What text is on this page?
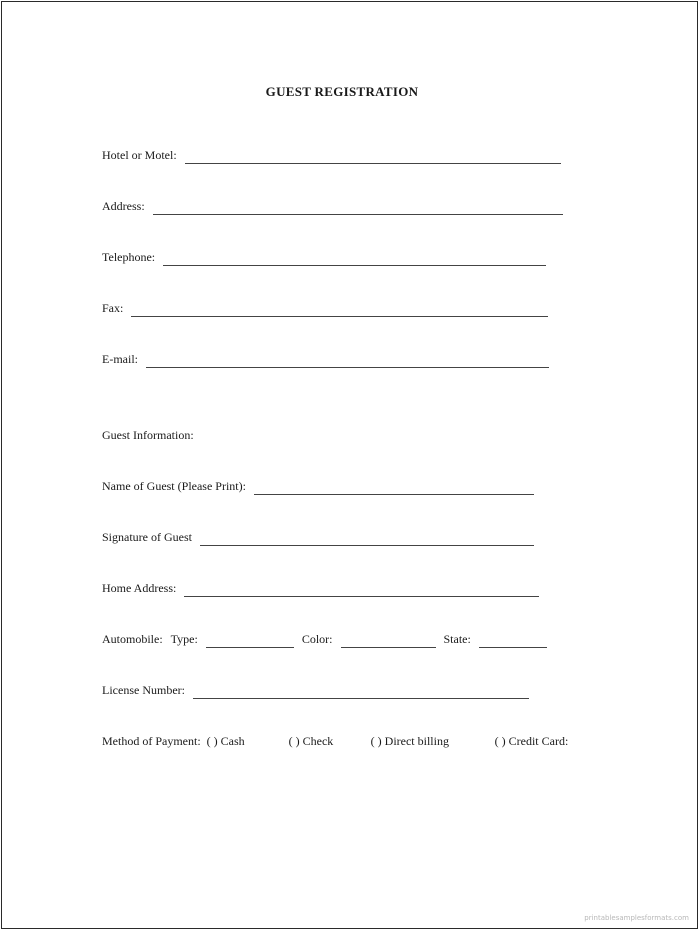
GUEST REGISTRATION
Hotel or Motel:
Address:
Telephone:
Fax:
E-mail:
Guest Information:
Name of Guest (Please Print):
Signature of Guest
Home Address:
Automobile: Type:	Color:	State:
License Number:
Method of Payment: ( ) Cash	( ) Check	( ) Direct billing	( ) Credit Card:
printablesamplesformats.com
